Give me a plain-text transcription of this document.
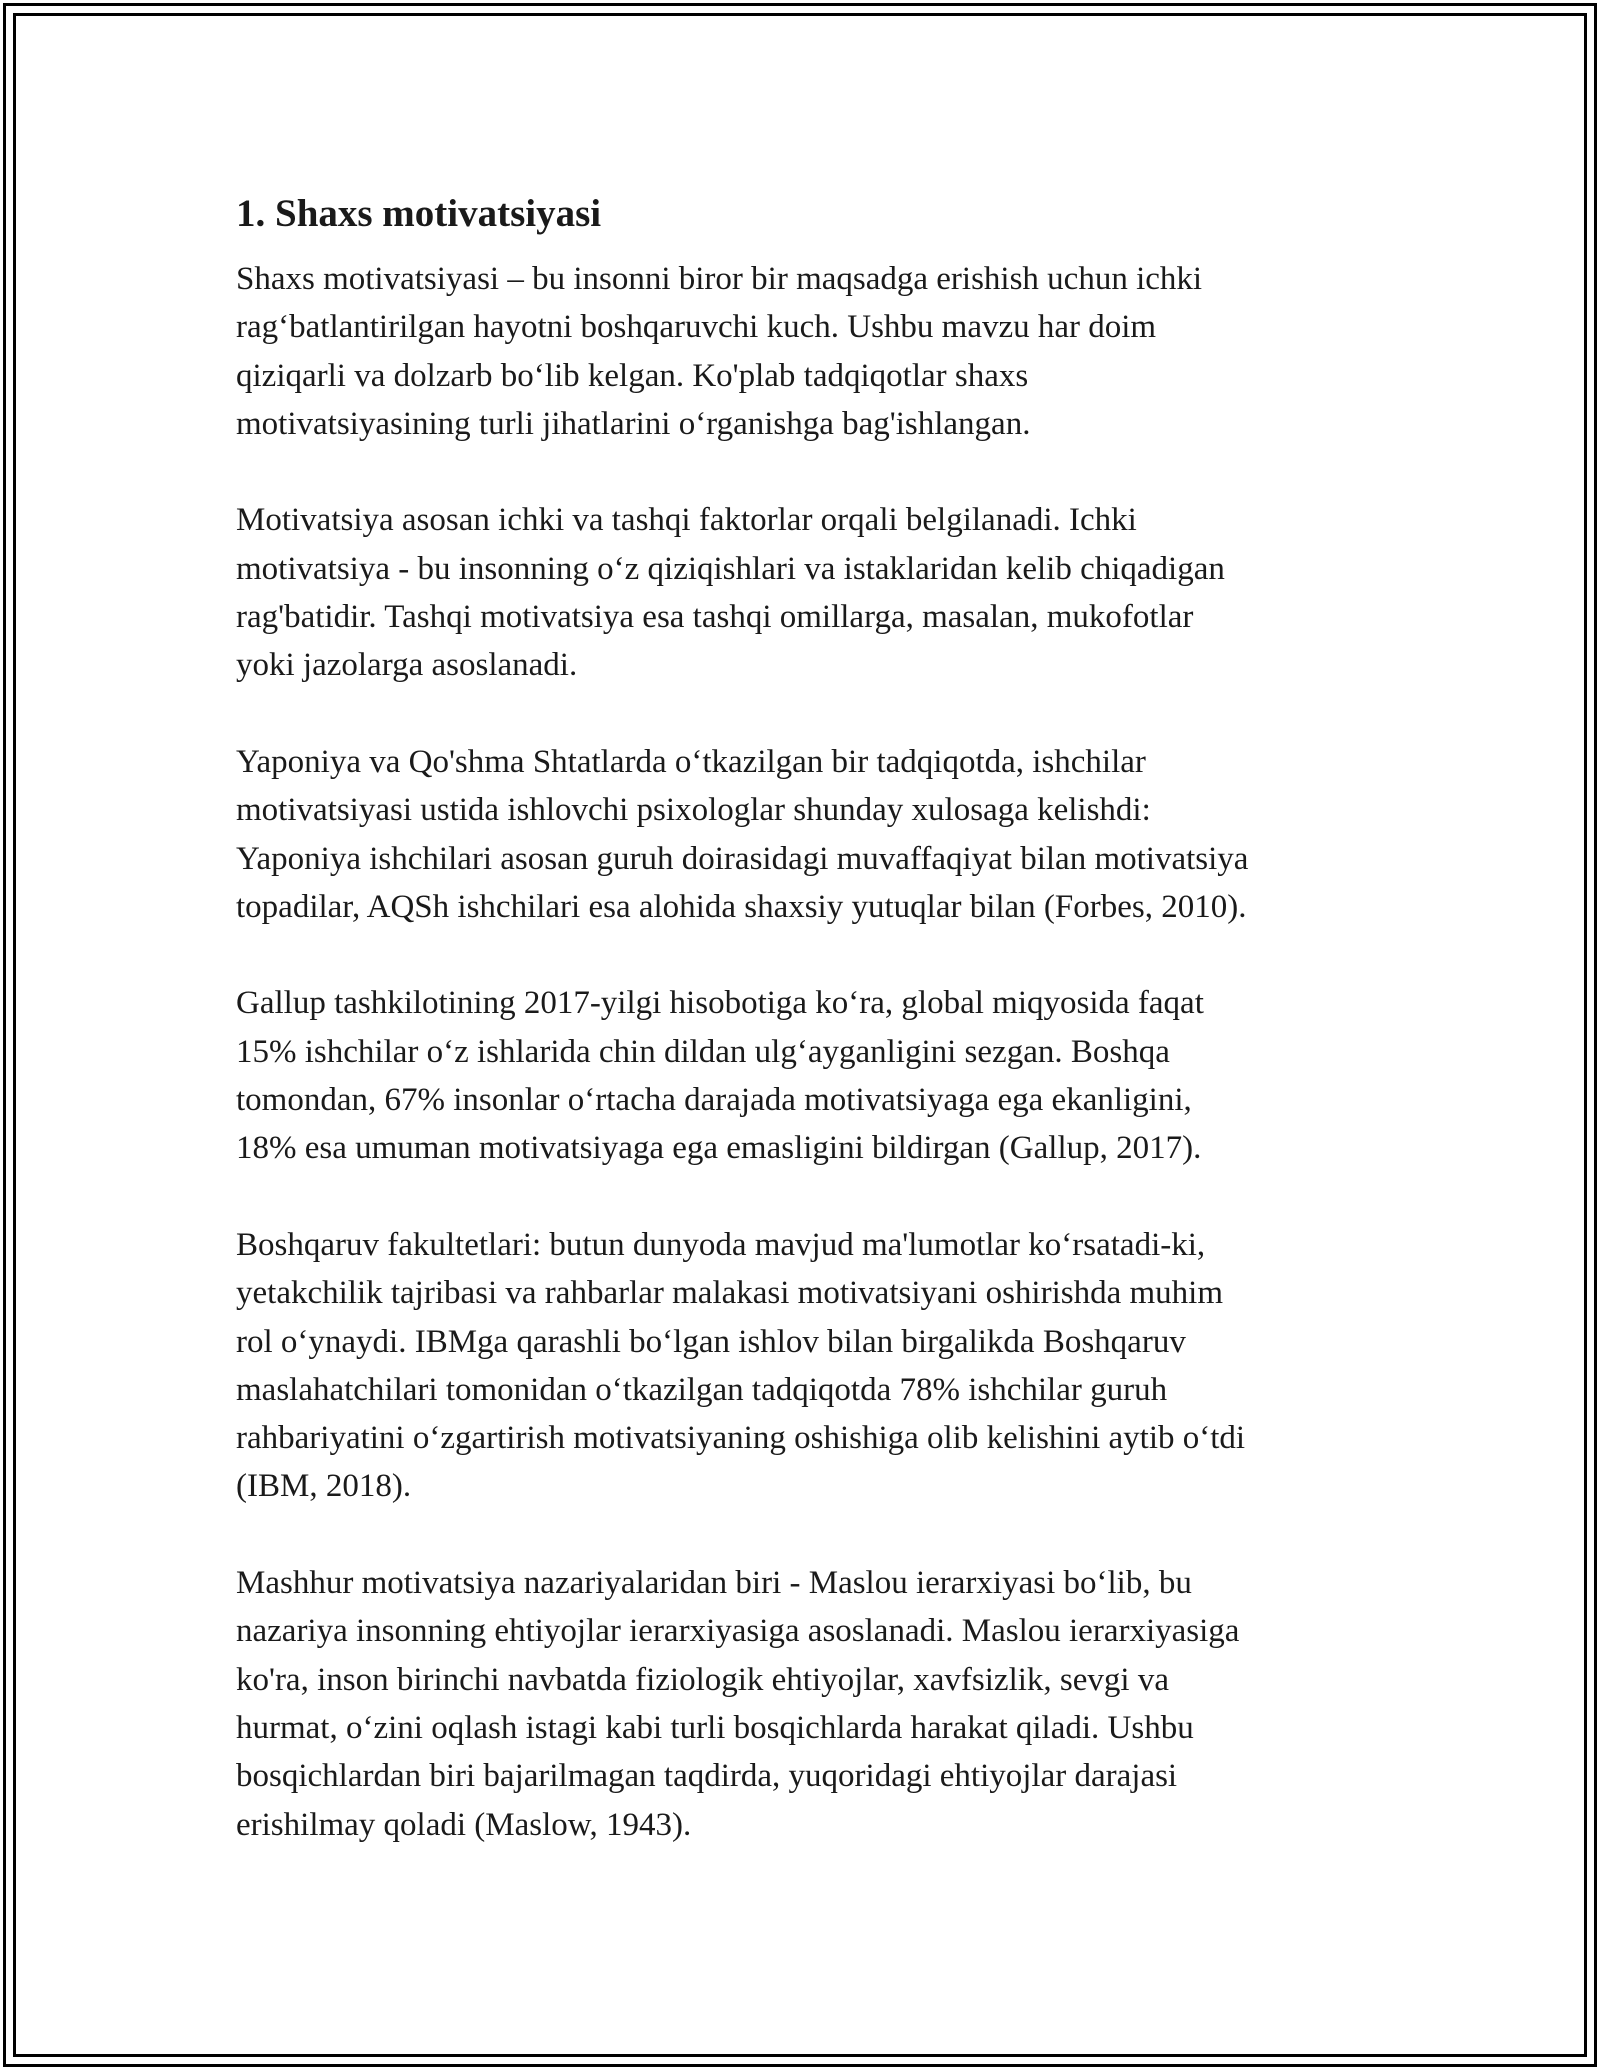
1. Shaxs motivatsiyasi
Shaxs motivatsiyasi – bu insonni biror bir maqsadga erishish uchun ichki
rag‘batlantirilgan hayotni boshqaruvchi kuch. Ushbu mavzu har doim
qiziqarli va dolzarb bo‘lib kelgan. Ko'plab tadqiqotlar shaxs
motivatsiyasining turli jihatlarini o‘rganishga bag'ishlangan.
Motivatsiya asosan ichki va tashqi faktorlar orqali belgilanadi. Ichki
motivatsiya - bu insonning o‘z qiziqishlari va istaklaridan kelib chiqadigan
rag'batidir. Tashqi motivatsiya esa tashqi omillarga, masalan, mukofotlar
yoki jazolarga asoslanadi.
Yaponiya va Qo'shma Shtatlarda o‘tkazilgan bir tadqiqotda, ishchilar
motivatsiyasi ustida ishlovchi psixologlar shunday xulosaga kelishdi:
Yaponiya ishchilari asosan guruh doirasidagi muvaffaqiyat bilan motivatsiya
topadilar, AQSh ishchilari esa alohida shaxsiy yutuqlar bilan (Forbes, 2010).
Gallup tashkilotining 2017-yilgi hisobotiga ko‘ra, global miqyosida faqat
15% ishchilar o‘z ishlarida chin dildan ulg‘ayganligini sezgan. Boshqa
tomondan, 67% insonlar o‘rtacha darajada motivatsiyaga ega ekanligini,
18% esa umuman motivatsiyaga ega emasligini bildirgan (Gallup, 2017).
Boshqaruv fakultetlari: butun dunyoda mavjud ma'lumotlar ko‘rsatadi-ki,
yetakchilik tajribasi va rahbarlar malakasi motivatsiyani oshirishda muhim
rol o‘ynaydi. IBMga qarashli bo‘lgan ishlov bilan birgalikda Boshqaruv
maslahatchilari tomonidan o‘tkazilgan tadqiqotda 78% ishchilar guruh
rahbariyatini o‘zgartirish motivatsiyaning oshishiga olib kelishini aytib o‘tdi
(IBM, 2018).
Mashhur motivatsiya nazariyalaridan biri - Maslou ierarxiyasi bo‘lib, bu
nazariya insonning ehtiyojlar ierarxiyasiga asoslanadi. Maslou ierarxiyasiga
ko'ra, inson birinchi navbatda fiziologik ehtiyojlar, xavfsizlik, sevgi va
hurmat, o‘zini oqlash istagi kabi turli bosqichlarda harakat qiladi. Ushbu
bosqichlardan biri bajarilmagan taqdirda, yuqoridagi ehtiyojlar darajasi
erishilmay qoladi (Maslow, 1943).
